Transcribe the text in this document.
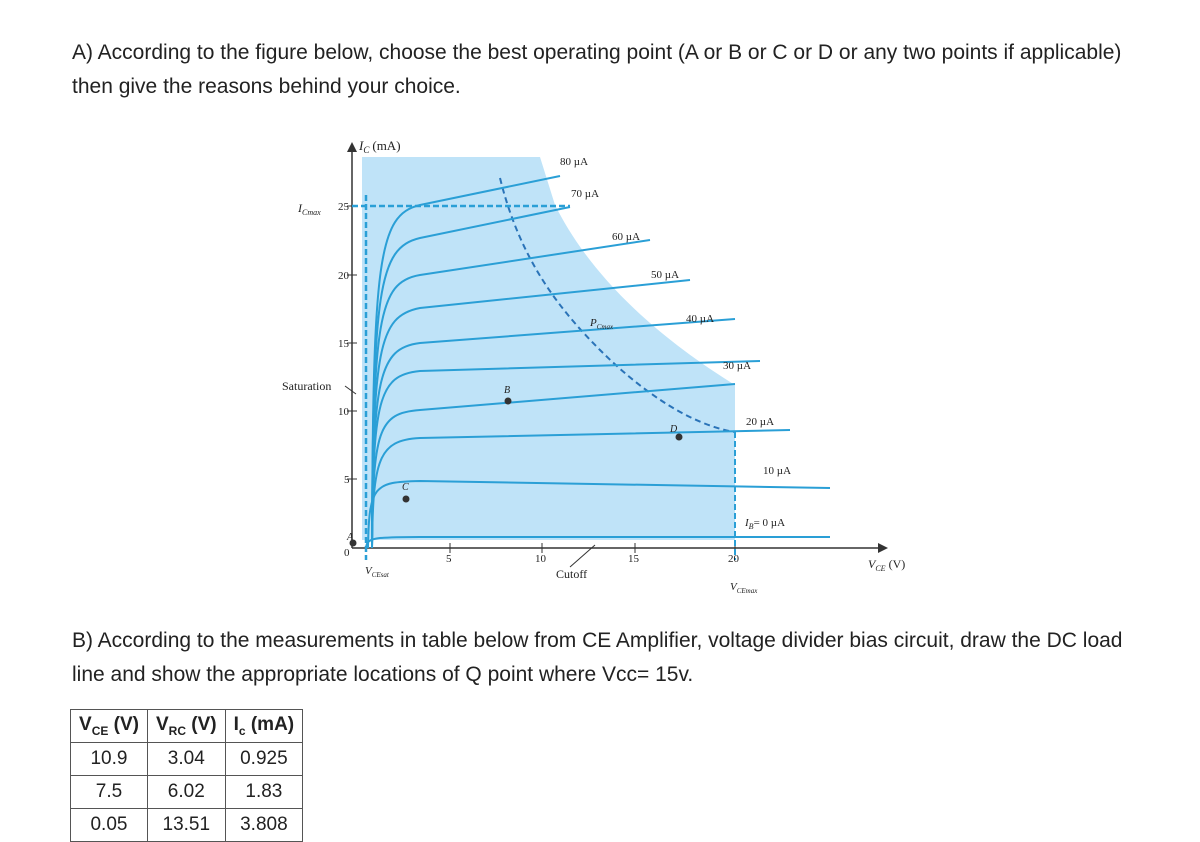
A) According to the figure below, choose the best operating point (A or B or C or D or any two points if applicable) then give the reasons behind your choice.

$I_C$ (mA)
$V_{CE}$ (V)
$I_{Cmax}$ 25
20
15
10
5
0	5	10	15	20
Saturation
Cutoff
$V_{CEsat}$
$V_{CEmax}$
$P_{Cmax}$
A
B
C
D
80 µA
70 µA
60 µA
50 µA
40 µA
30 µA
20 µA
10 µA
$I_B= 0$ µA

B) According to the measurements in table below from CE Amplifier, voltage divider bias circuit, draw the DC load line and show the appropriate locations of Q point where Vcc= 15v.

$V_{CE}$ (V)	$V_{RC}$ (V)	$I_c$ (mA)
10.9	3.04	0.925
7.5	6.02	1.83
0.05	13.51	3.808
